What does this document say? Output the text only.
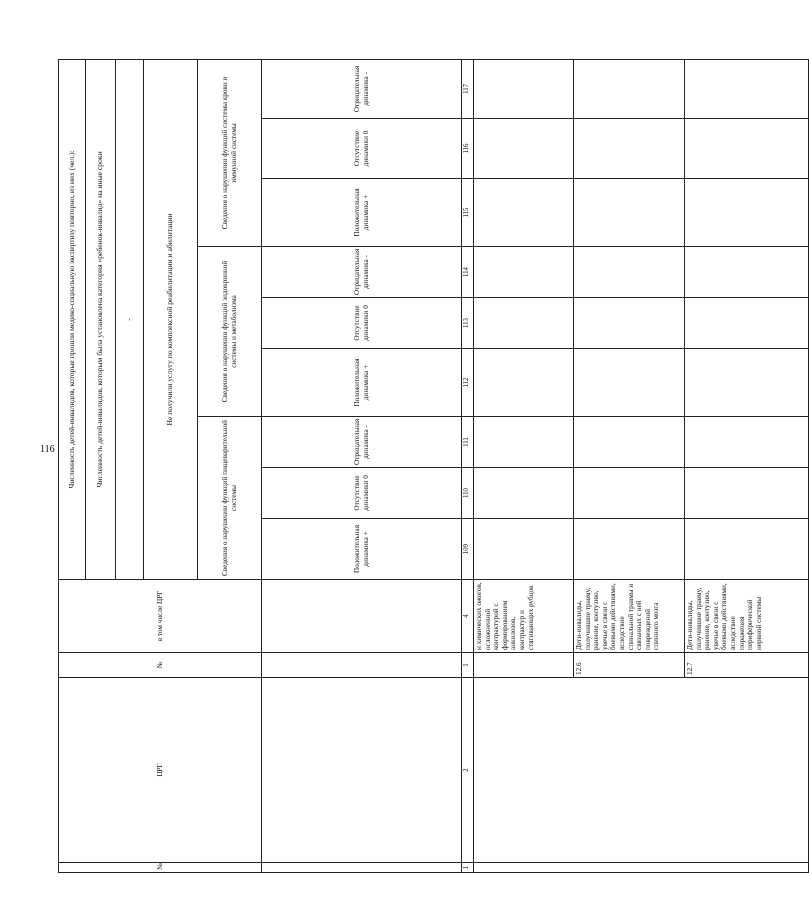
116
№	ЦРГ	№	в том числе ЦРГ	Численность детей-инвалидов, которые прошли медико-социальную экспертизу повторно, из них (чел.):								
				Численность детей-инвалидов, которым была установлена категория «ребенок-инвалид» на иные сроки								
				-								
				Не получили услугу по комплексной реабилитации и абилитации								
				Сведения о нарушении функций пищеварительной системы			Сведения о нарушении функций эндокринной системы и метаболизма			Сведения о нарушении функций системы крови и иммунной системы		
				Положительная динамика +	Отсутствие динамики 0	Отрицательная динамика -	Положительная динамика +	Отсутствие динамики 0	Отрицательная динамика -	Положительная динамика +	Отсутствие динамики 0	Отрицательная динамика -
1	2	1	4	109	110	111	112	113	114	115	116	117
			и химических ожогов, осложненной контрактурой с формированием анкилозов, контрактур и стягивающих рубцов									
		12.6	Дети-инвалиды, получившие травму, ранение, контузию, увечье в связи с боевыми действиями, вследствие спинальной травмы и связанных с ней повреждений спинного мозга									
		12.7	Дети-инвалиды, получившие травму, ранение, контузию, увечье в связи с боевыми действиями, вследствие поражения периферической нервной системы									
